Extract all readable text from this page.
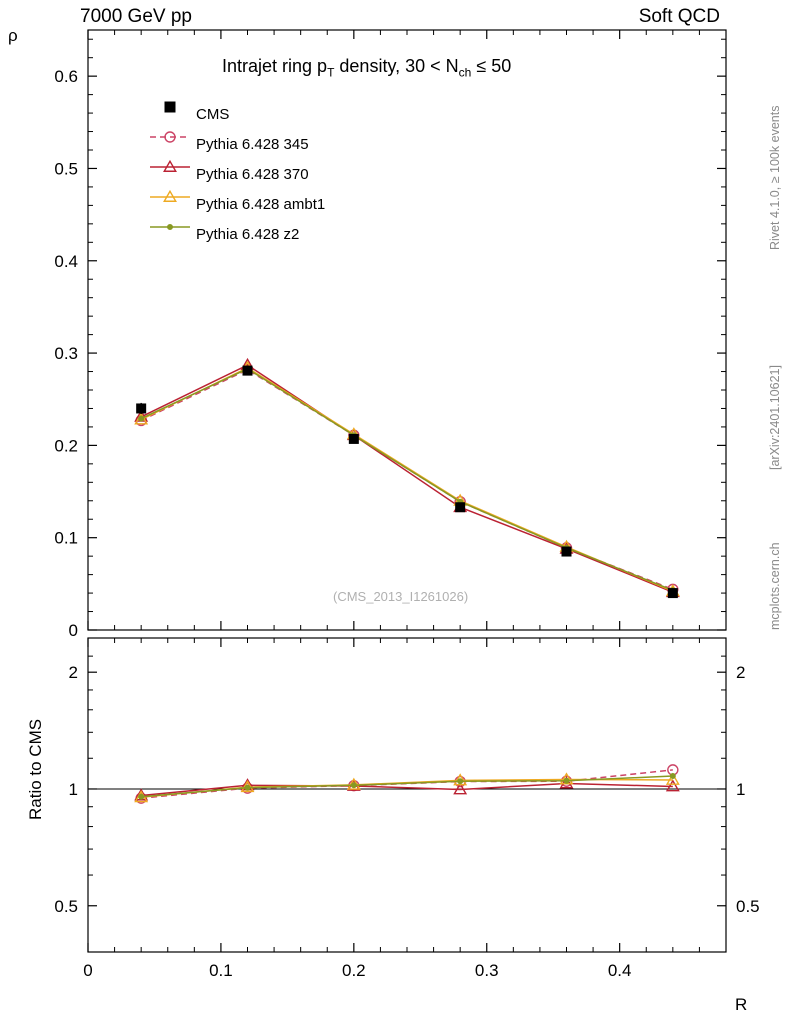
7000 GeV pp	Soft QCD
ρ
R
Ratio to CMS
Rivet 4.1.0, ≥ 100k events
[arXiv:2401.10621]
mcplots.cern.ch
Intrajet ring $p_T$ density, $30 < N_{ch} \le 50$
(CMS_2013_I1261026)
CMS
Pythia 6.428 345
Pythia 6.428 370
Pythia 6.428 ambt1
Pythia 6.428 z2
0
0.1
0.2
0.3
0.4
0.5
0.6
0.5	0.5
1	1
2	2
0	0.1	0.2	0.3	0.4
